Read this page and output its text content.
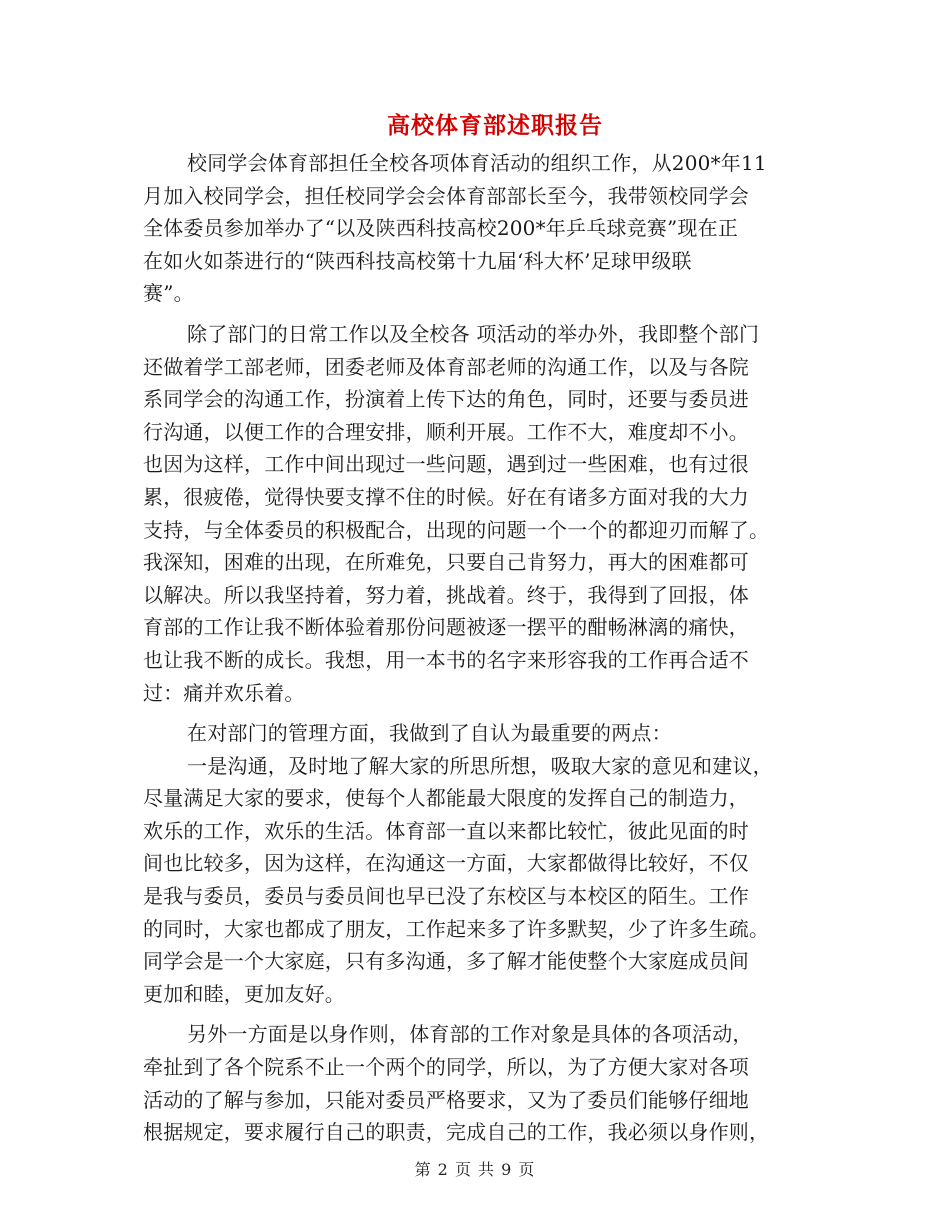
高校体育部述职报告
校同学会体育部担任全校各项体育活动的组织工作，从200*年11
月加入校同学会，担任校同学会会体育部部长至今，我带领校同学会
全体委员参加举办了“以及陕西科技高校200*年乒乓球竞赛”现在正
在如火如荼进行的“陕西科技高校第十九届‘科大杯’足球甲级联
赛”。
除了部门的日常工作以及全校各 项活动的举办外，我即整个部门
还做着学工部老师，团委老师及体育部老师的沟通工作，以及与各院
系同学会的沟通工作，扮演着上传下达的角色，同时，还要与委员进
行沟通，以便工作的合理安排，顺利开展。工作不大，难度却不小。
也因为这样，工作中间出现过一些问题，遇到过一些困难，也有过很
累，很疲倦，觉得快要支撑不住的时候。好在有诸多方面对我的大力
支持，与全体委员的积极配合，出现的问题一个一个的都迎刃而解了。
我深知，困难的出现，在所难免，只要自己肯努力，再大的困难都可
以解决。所以我坚持着，努力着，挑战着。终于，我得到了回报，体
育部的工作让我不断体验着那份问题被逐一摆平的酣畅淋漓的痛快，
也让我不断的成长。我想，用一本书的名字来形容我的工作再合适不
过：痛并欢乐着。
在对部门的管理方面，我做到了自认为最重要的两点：
一是沟通，及时地了解大家的所思所想，吸取大家的意见和建议，
尽量满足大家的要求，使每个人都能最大限度的发挥自己的制造力，
欢乐的工作，欢乐的生活。体育部一直以来都比较忙，彼此见面的时
间也比较多，因为这样，在沟通这一方面，大家都做得比较好，不仅
是我与委员，委员与委员间也早已没了东校区与本校区的陌生。工作
的同时，大家也都成了朋友，工作起来多了许多默契，少了许多生疏。
同学会是一个大家庭，只有多沟通，多了解才能使整个大家庭成员间
更加和睦，更加友好。
另外一方面是以身作则，体育部的工作对象是具体的各项活动，
牵扯到了各个院系不止一个两个的同学，所以，为了方便大家对各项
活动的了解与参加，只能对委员严格要求，又为了委员们能够仔细地
根据规定，要求履行自己的职责，完成自己的工作，我必须以身作则，
第 2 页 共 9 页
